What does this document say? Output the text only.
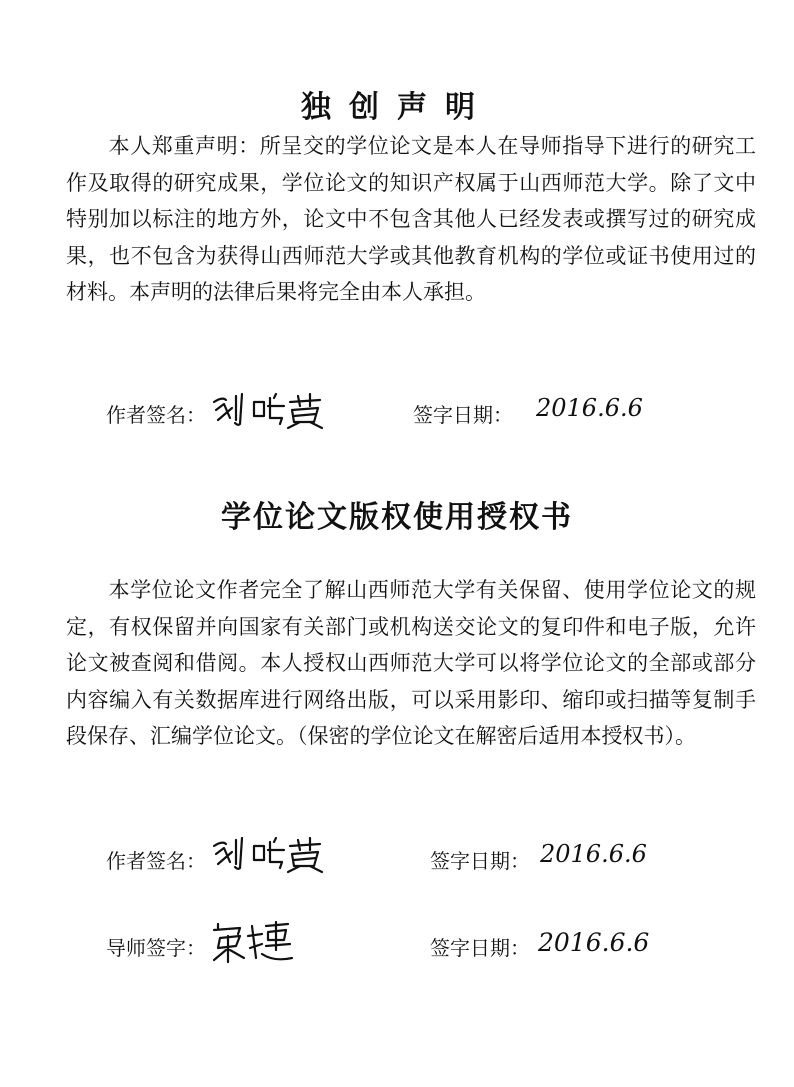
独创声明
本人郑重声明：所呈交的学位论文是本人在导师指导下进行的研究工作及取得的研究成果，学位论文的知识产权属于山西师范大学。除了文中特别加以标注的地方外，论文中不包含其他人已经发表或撰写过的研究成果，也不包含为获得山西师范大学或其他教育机构的学位或证书使用过的材料。本声明的法律后果将完全由本人承担。
作者签名：	签字日期： 2016.6.6
学位论文版权使用授权书
本学位论文作者完全了解山西师范大学有关保留、使用学位论文的规定，有权保留并向国家有关部门或机构送交论文的复印件和电子版，允许论文被查阅和借阅。本人授权山西师范大学可以将学位论文的全部或部分内容编入有关数据库进行网络出版，可以采用影印、缩印或扫描等复制手段保存、汇编学位论文。（保密的学位论文在解密后适用本授权书）。
作者签名：	签字日期： 2016.6.6
导师签字：	签字日期： 2016.6.6
